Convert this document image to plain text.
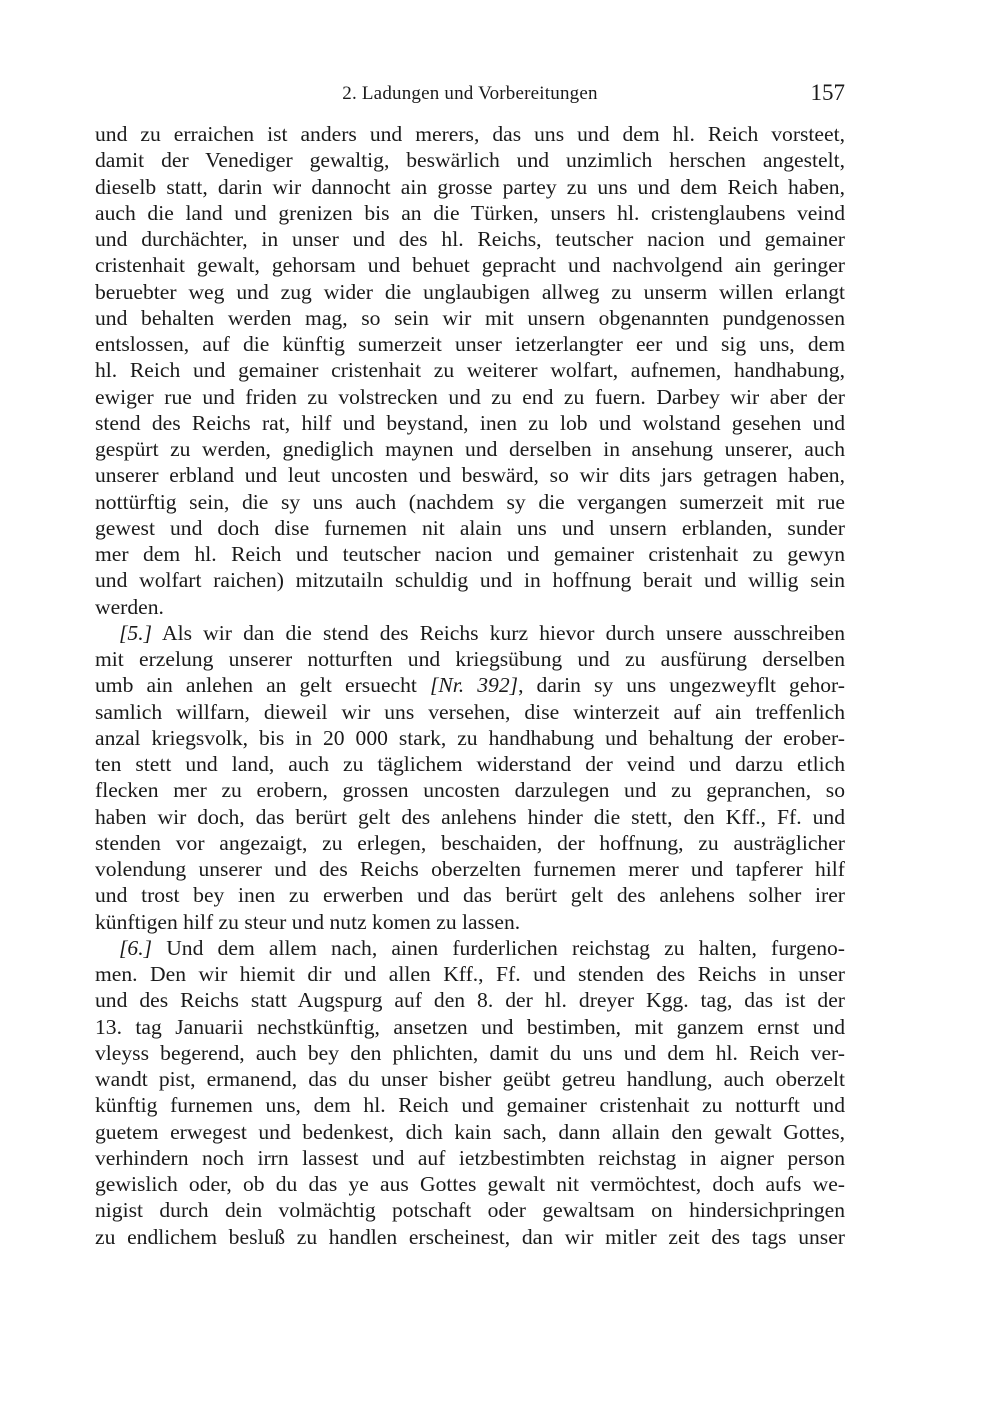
2. Ladungen und Vorbereitungen	157
und zu erraichen ist anders und merers, das uns und dem hl. Reich vorsteet,
damit der Venediger gewaltig, beswärlich und unzimlich herschen angestelt,
dieselb statt, darin wir dannocht ain grosse partey zu uns und dem Reich haben,
auch die land und grenizen bis an die Türken, unsers hl. cristenglaubens veind
und durchächter, in unser und des hl. Reichs, teutscher nacion und gemainer
cristenhait gewalt, gehorsam und behuet gepracht und nachvolgend ain geringer
beruebter weg und zug wider die unglaubigen allweg zu unserm willen erlangt
und behalten werden mag, so sein wir mit unsern obgenannten pundgenossen
entslossen, auf die künftig sumerzeit unser ietzerlangter eer und sig uns, dem
hl. Reich und gemainer cristenhait zu weiterer wolfart, aufnemen, handhabung,
ewiger rue und friden zu volstrecken und zu end zu fuern. Darbey wir aber der
stend des Reichs rat, hilf und beystand, inen zu lob und wolstand gesehen und
gespürt zu werden, gnediglich maynen und derselben in ansehung unserer, auch
unserer erbland und leut uncosten und beswärd, so wir dits jars getragen haben,
nottürftig sein, die sy uns auch (nachdem sy die vergangen sumerzeit mit rue
gewest und doch dise furnemen nit alain uns und unsern erblanden, sunder
mer dem hl. Reich und teutscher nacion und gemainer cristenhait zu gewyn
und wolfart raichen) mitzutailn schuldig und in hoffnung berait und willig sein
werden.
[5.] Als wir dan die stend des Reichs kurz hievor durch unsere ausschreiben
mit erzelung unserer notturften und kriegsübung und zu ausfürung derselben
umb ain anlehen an gelt ersuecht [Nr. 392], darin sy uns ungezweyflt gehor-
samlich willfarn, dieweil wir uns versehen, dise winterzeit auf ain treffenlich
anzal kriegsvolk, bis in 20 000 stark, zu handhabung und behaltung der erober-
ten stett und land, auch zu täglichem widerstand der veind und darzu etlich
flecken mer zu erobern, grossen uncosten darzulegen und zu gepranchen, so
haben wir doch, das berürt gelt des anlehens hinder die stett, den Kff., Ff. und
stenden vor angezaigt, zu erlegen, beschaiden, der hoffnung, zu austräglicher
volendung unserer und des Reichs oberzelten furnemen merer und tapferer hilf
und trost bey inen zu erwerben und das berürt gelt des anlehens solher irer
künftigen hilf zu steur und nutz komen zu lassen.
[6.] Und dem allem nach, ainen furderlichen reichstag zu halten, furgeno-
men. Den wir hiemit dir und allen Kff., Ff. und stenden des Reichs in unser
und des Reichs statt Augspurg auf den 8. der hl. dreyer Kgg. tag, das ist der
13. tag Januarii nechstkünftig, ansetzen und bestimben, mit ganzem ernst und
vleyss begerend, auch bey den phlichten, damit du uns und dem hl. Reich ver-
wandt pist, ermanend, das du unser bisher geübt getreu handlung, auch oberzelt
künftig furnemen uns, dem hl. Reich und gemainer cristenhait zu notturft und
guetem erwegest und bedenkest, dich kain sach, dann allain den gewalt Gottes,
verhindern noch irrn lassest und auf ietzbestimbten reichstag in aigner person
gewislich oder, ob du das ye aus Gottes gewalt nit vermöchtest, doch aufs we-
nigist durch dein volmächtig potschaft oder gewaltsam on hindersichpringen
zu endlichem besluß zu handlen erscheinest, dan wir mitler zeit des tags unser
